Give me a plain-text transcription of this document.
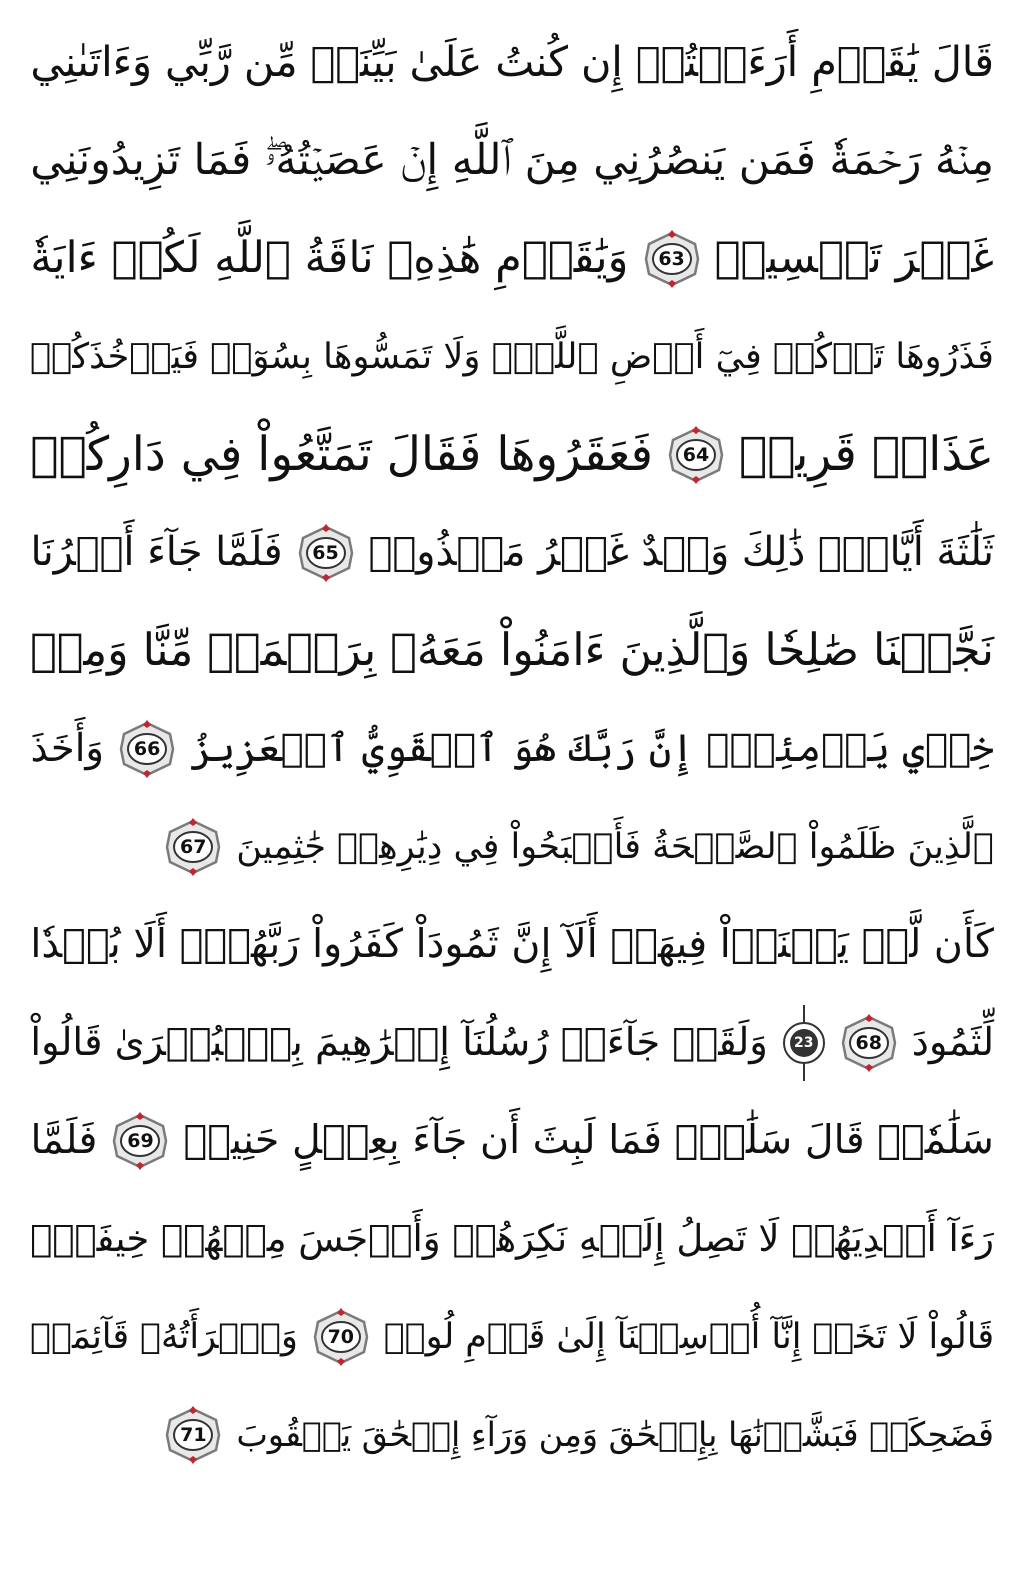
قَالَ يَٰقَوۡمِ أَرَءَيۡتُمۡ إِن كُنتُ عَلَىٰ بَيِّنَةٖ مِّن رَّبِّي وَءَاتَىٰنِي
مِنۡهُ رَحۡمَةٗ فَمَن يَنصُرُنِي مِنَ ٱللَّهِ إِنۡ عَصَيۡتُهُۥۖ فَمَا تَزِيدُونَنِي
غَيۡرَ تَخۡسِيرٖ
63
وَيَٰقَوۡمِ هَٰذِهِۦ نَاقَةُ ٱللَّهِ لَكُمۡ ءَايَةٗ
فَذَرُوهَا تَأۡكُلۡ فِيٓ أَرۡضِ ٱللَّهِۖ وَلَا تَمَسُّوهَا بِسُوٓءٖ فَيَأۡخُذَكُمۡ
عَذَابٞ قَرِيبٞ
64
فَعَقَرُوهَا فَقَالَ تَمَتَّعُواْ فِي دَارِكُمۡ
ثَلَٰثَةَ أَيَّامٖۖ ذَٰلِكَ وَعۡدٌ غَيۡرُ مَكۡذُوبٖ
65
فَلَمَّا جَآءَ أَمۡرُنَا
نَجَّيۡنَا صَٰلِحٗا وَٱلَّذِينَ ءَامَنُواْ مَعَهُۥ بِرَحۡمَةٖ مِّنَّا وَمِنۡ
خِزۡيِ يَوۡمِئِذٍۚ إِنَّ رَبَّكَ هُوَ ٱلۡقَوِيُّ ٱلۡعَزِيزُ
66
وَأَخَذَ
ٱلَّذِينَ ظَلَمُواْ ٱلصَّيۡحَةُ فَأَصۡبَحُواْ فِي دِيَٰرِهِمۡ جَٰثِمِينَ
67
كَأَن لَّمۡ يَغۡنَوۡاْ فِيهَآۗ أَلَآ إِنَّ ثَمُودَاْ كَفَرُواْ رَبَّهُمۡۗ أَلَا بُعۡدٗا
لِّثَمُودَ
68
23
وَلَقَدۡ جَآءَتۡ رُسُلُنَآ إِبۡرَٰهِيمَ بِٱلۡبُشۡرَىٰ قَالُواْ
سَلَٰمٗاۖ قَالَ سَلَٰمٞۖ فَمَا لَبِثَ أَن جَآءَ بِعِجۡلٍ حَنِيذٖ
69
فَلَمَّا
رَءَآ أَيۡدِيَهُمۡ لَا تَصِلُ إِلَيۡهِ نَكِرَهُمۡ وَأَوۡجَسَ مِنۡهُمۡ خِيفَةٗۚ
قَالُواْ لَا تَخَفۡ إِنَّآ أُرۡسِلۡنَآ إِلَىٰ قَوۡمِ لُوطٖ
70
وَٱمۡرَأَتُهُۥ قَآئِمَةٞ
فَضَحِكَتۡ فَبَشَّرۡنَٰهَا بِإِسۡحَٰقَ وَمِن وَرَآءِ إِسۡحَٰقَ يَعۡقُوبَ
71
